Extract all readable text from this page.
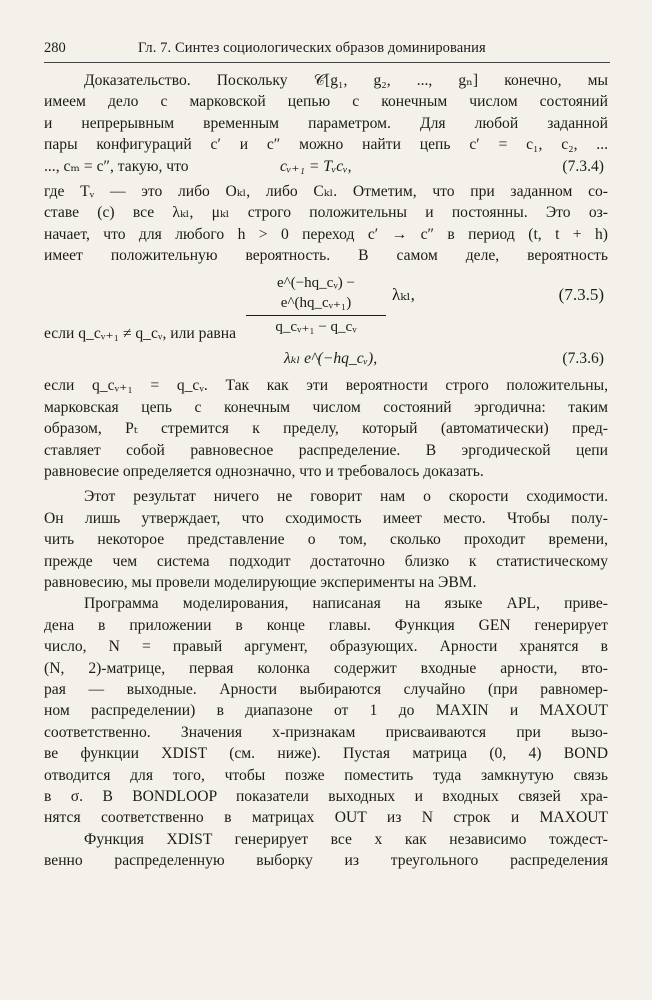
280	Гл. 7. Синтез социологических образов доминирования
Доказательство. Поскольку 𝒞[g₁, g₂, ..., gₙ] конечно, мы
имеем дело с марковской цепью с конечным числом состояний
и непрерывным временным параметром. Для любой заданной
пары конфигураций c′ и c″ можно найти цепь c′ = c₁, c₂, ...
..., cₘ = c″, такую, что	cᵥ₊₁ = Tᵥcᵥ,	(7.3.4)
где Tᵥ — это либо Oₖₗ, либо Cₖₗ. Отметим, что при заданном со-
ставе (c) все λₖₗ, μₖₗ строго положительны и постоянны. Это оз-
начает, что для любого h > 0 переход c′ → c″ в период (t, t + h)
имеет положительную вероятность. В самом деле, вероятность
$\frac{\text{e\textasciicircum{}(−hq\_cᵥ) − e\textasciicircum{}(hq\_cᵥ₊₁)}}{\text{q\_cᵥ₊₁ − q\_cᵥ}} \lambda_{kl}$,	(7.3.5)
если q_cᵥ₊₁ ≠ q_cᵥ, или равна
λₖₗ e^(−hq_cᵥ),	(7.3.6)
если q_cᵥ₊₁ = q_cᵥ. Так как эти вероятности строго положительны,
марковская цепь с конечным числом состояний эргодична: таким
образом, Pₜ стремится к пределу, который (автоматически) пред-
ставляет собой равновесное распределение. В эргодической цепи
равновесие определяется однозначно, что и требовалось доказать.
Этот результат ничего не говорит нам о скорости сходимости.
Он лишь утверждает, что сходимость имеет место. Чтобы полу-
чить некоторое представление о том, сколько проходит времени,
прежде чем система подходит достаточно близко к статистическому
равновесию, мы провели моделирующие эксперименты на ЭВМ.
Программа моделирования, написаная на языке APL, приве-
дена в приложении в конце главы. Функция GEN генерирует
число, N = правый аргумент, образующих. Арности хранятся в
(N, 2)-матрице, первая колонка содержит входные арности, вто-
рая — выходные. Арности выбираются случайно (при равномер-
ном распределении) в диапазоне от 1 до MAXIN и MAXOUT
соответственно. Значения x-признакам присваиваются при вызо-
ве функции XDIST (см. ниже). Пустая матрица (0, 4) BOND
отводится для того, чтобы позже поместить туда замкнутую связь
в σ. В BONDLOOP показатели выходных и входных связей хра-
нятся соответственно в матрицах OUT из N строк и MAXOUT
Функция XDIST генерирует все x как независимо тождест-
венно распределенную выборку из треугольного распределения
